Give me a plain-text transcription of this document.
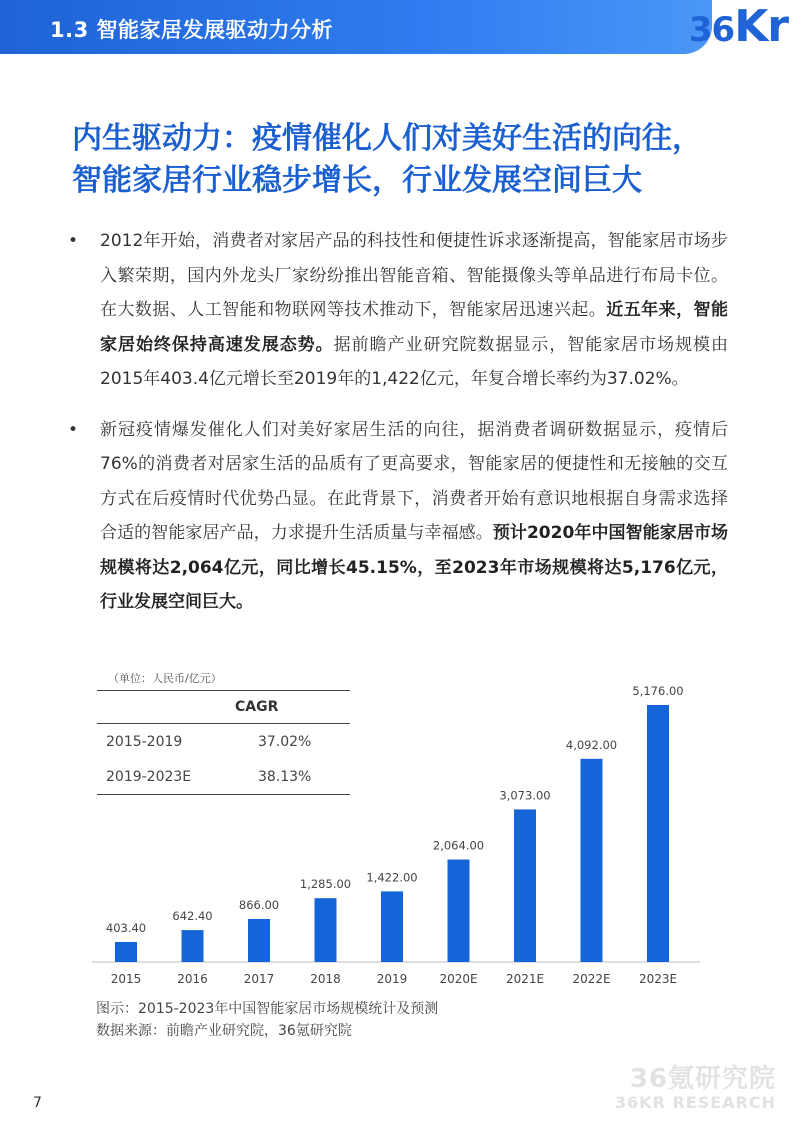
1.3 智能家居发展驱动力分析	36Kr
内生驱动力：疫情催化人们对美好生活的向往，
智能家居行业稳步增长，行业发展空间巨大
• 2012年开始，消费者对家居产品的科技性和便捷性诉求逐渐提高，智能家居市场步入繁荣期，国内外龙头厂家纷纷推出智能音箱、智能摄像头等单品进行布局卡位。在大数据、人工智能和物联网等技术推动下，智能家居迅速兴起。近五年来，智能家居始终保持高速发展态势。据前瞻产业研究院数据显示，智能家居市场规模由2015年403.4亿元增长至2019年的1,422亿元，年复合增长率约为37.02%。
• 新冠疫情爆发催化人们对美好家居生活的向往，据消费者调研数据显示，疫情后76%的消费者对居家生活的品质有了更高要求，智能家居的便捷性和无接触的交互方式在后疫情时代优势凸显。在此背景下，消费者开始有意识地根据自身需求选择合适的智能家居产品，力求提升生活质量与幸福感。预计2020年中国智能家居市场规模将达2,064亿元，同比增长45.15%，至2023年市场规模将达5,176亿元，行业发展空间巨大。
（单位：人民币/亿元）
CAGR	
2015-2019	37.02%
2019-2023E	38.13%
403.40
2015
642.40
2016
866.00
2017
1,285.00
2018
1,422.00
2019
2,064.00
2020E
3,073.00
2021E
4,092.00
2022E
5,176.00
2023E
图示：2015-2023年中国智能家居市场规模统计及预测
数据来源：前瞻产业研究院，36氪研究院
36氪研究院
36KR RESEARCH
7
